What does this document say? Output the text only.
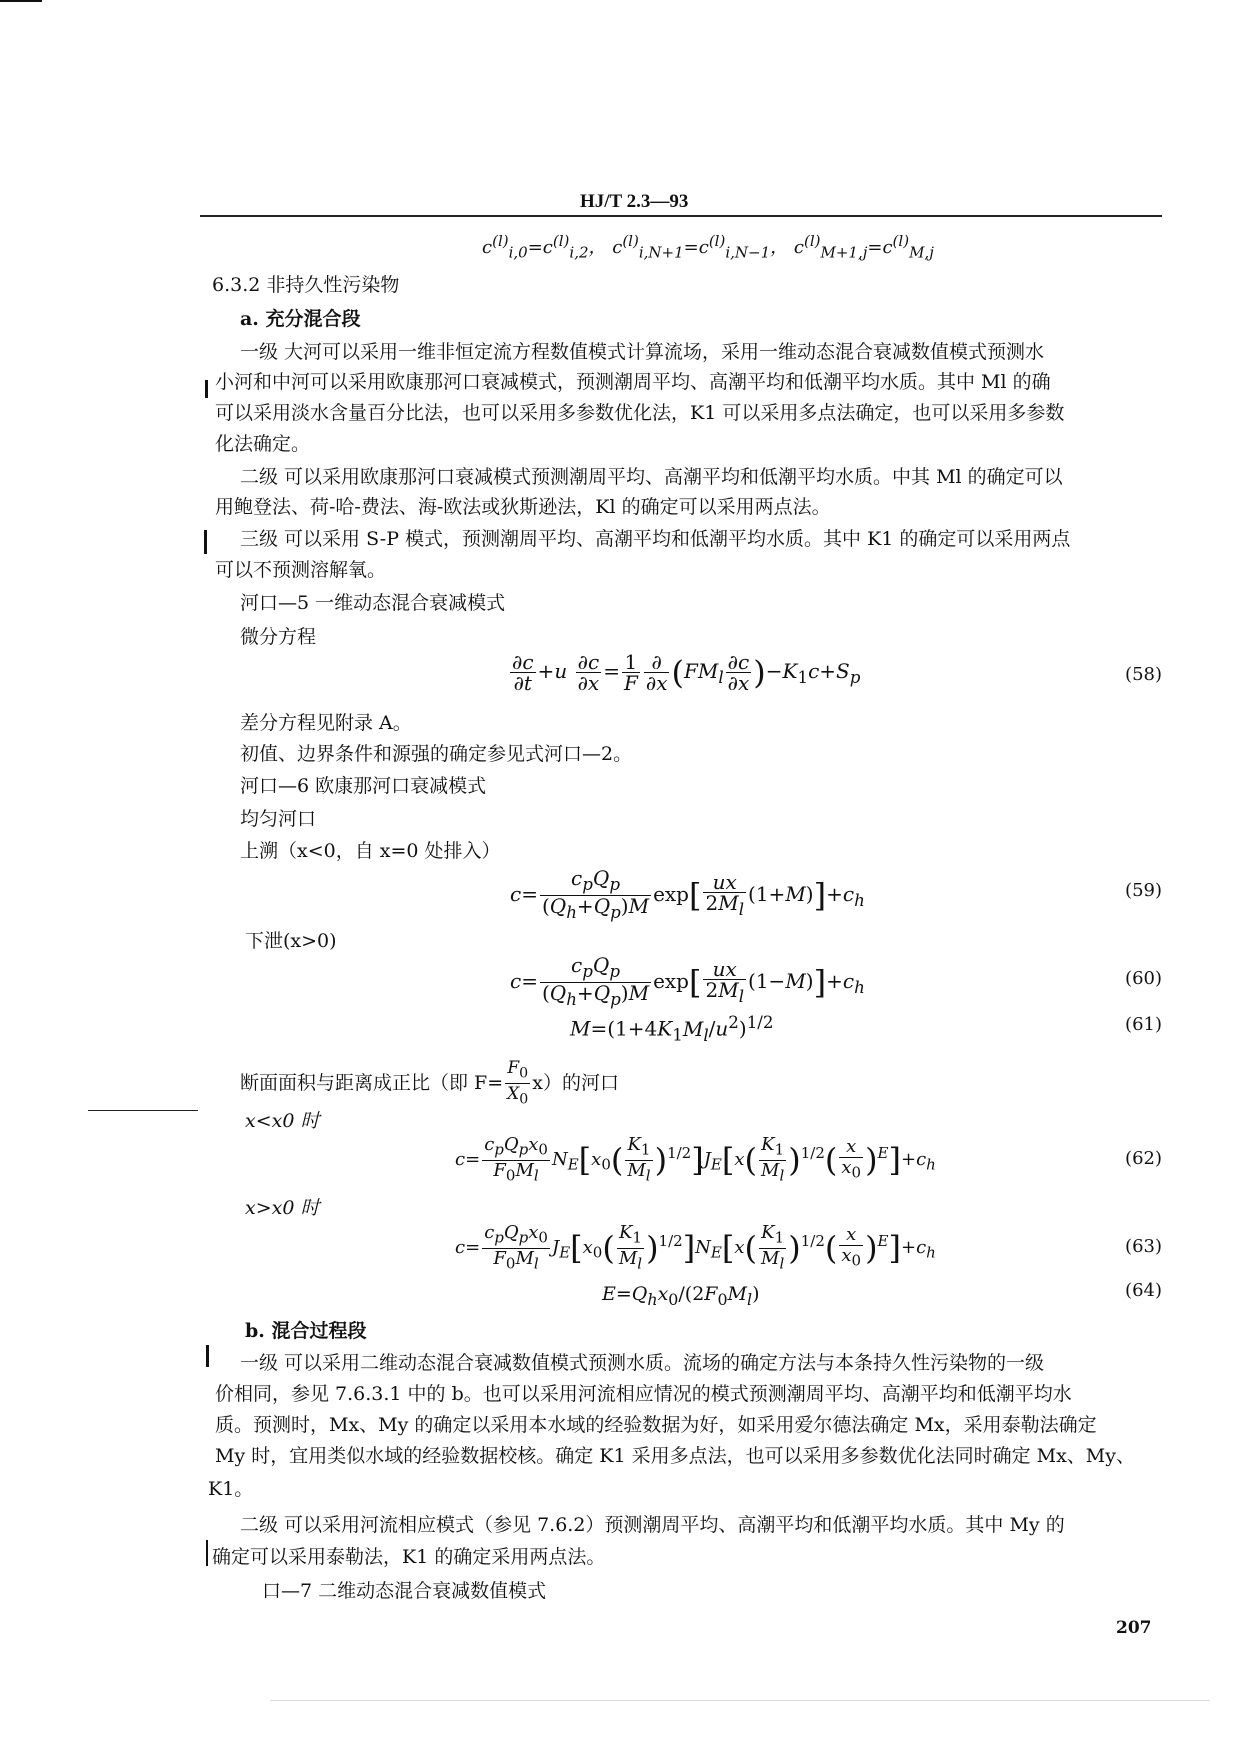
HJ/T 2.3—93
$c^{(l)}_{i,0}=c^{(l)}_{i,2}$， $c^{(l)}_{i,N+1}=c^{(l)}_{i,N-1}$， $c^{(l)}_{M+1,j}=c^{(l)}_{M,j}$
6.3.2 非持久性污染物
a. 充分混合段
一级 大河可以采用一维非恒定流方程数值模式计算流场，采用一维动态混合衰减数值模式预测水
小河和中河可以采用欧康那河口衰减模式，预测潮周平均、高潮平均和低潮平均水质。其中 Ml 的确
可以采用淡水含量百分比法，也可以采用多参数优化法，K1 可以采用多点法确定，也可以采用多参数
化法确定。
二级 可以采用欧康那河口衰减模式预测潮周平均、高潮平均和低潮平均水质。中其 Ml 的确定可以
用鲍登法、荷-哈-费法、海-欧法或狄斯逊法，Kl 的确定可以采用两点法。
三级 可以采用 S-P 模式，预测潮周平均、高潮平均和低潮平均水质。其中 K1 的确定可以采用两点
可以不预测溶解氧。
河口—5 一维动态混合衰减模式
微分方程
$\frac{\partial c}{\partial t} +u \frac{\partial c}{\partial x} = \frac{1}{F} \frac{\partial}{\partial x} (FM_l \frac{\partial c}{\partial x} )-K_1c+S_p$	(58)
差分方程见附录 A。
初值、边界条件和源强的确定参见式河口—2。
河口—6 欧康那河口衰减模式
均匀河口
上溯（x<0，自 x=0 处排入）
$c= \frac{c_pQ_p}{(Q_h+Q_p)M} \exp[ \frac{ux}{2M_l} (1+M)]+c_h$	(59)
下泄(x>0)
$c= \frac{c_pQ_p}{(Q_h+Q_p)M} \exp[ \frac{ux}{2M_l} (1-M)]+c_h$	(60)
$M=(1+4K_1M_l/u^2)^{1/2}$	(61)
断面面积与距离成正比（即 $F= \frac{F_0}{X_0} x$）的河口
x<x0 时
$c= \frac{c_pQ_px_0}{F_0M_l} N_E[x_0( \frac{K_1}{M_l} )^{1/2}]J_E[x( \frac{K_1}{M_l} )^{1/2}( \frac{x}{x_0} )^E]+c_h$	(62)
x>x0 时
$c= \frac{c_pQ_px_0}{F_0M_l} J_E[x_0( \frac{K_1}{M_l} )^{1/2}]N_E[x( \frac{K_1}{M_l} )^{1/2}( \frac{x}{x_0} )^E]+c_h$	(63)
$E=Q_hx_0/(2F_0M_l)$	(64)
b. 混合过程段
一级 可以采用二维动态混合衰减数值模式预测水质。流场的确定方法与本条持久性污染物的一级
价相同，参见 7.6.3.1 中的 b。也可以采用河流相应情况的模式预测潮周平均、高潮平均和低潮平均水
质。预测时，Mx、My 的确定以采用本水域的经验数据为好，如采用爱尔德法确定 Mx，采用泰勒法确定
My 时，宜用类似水域的经验数据校核。确定 K1 采用多点法，也可以采用多参数优化法同时确定 Mx、My、
K1。
二级 可以采用河流相应模式（参见 7.6.2）预测潮周平均、高潮平均和低潮平均水质。其中 My 的
确定可以采用泰勒法，K1 的确定采用两点法。
口—7 二维动态混合衰减数值模式
207
